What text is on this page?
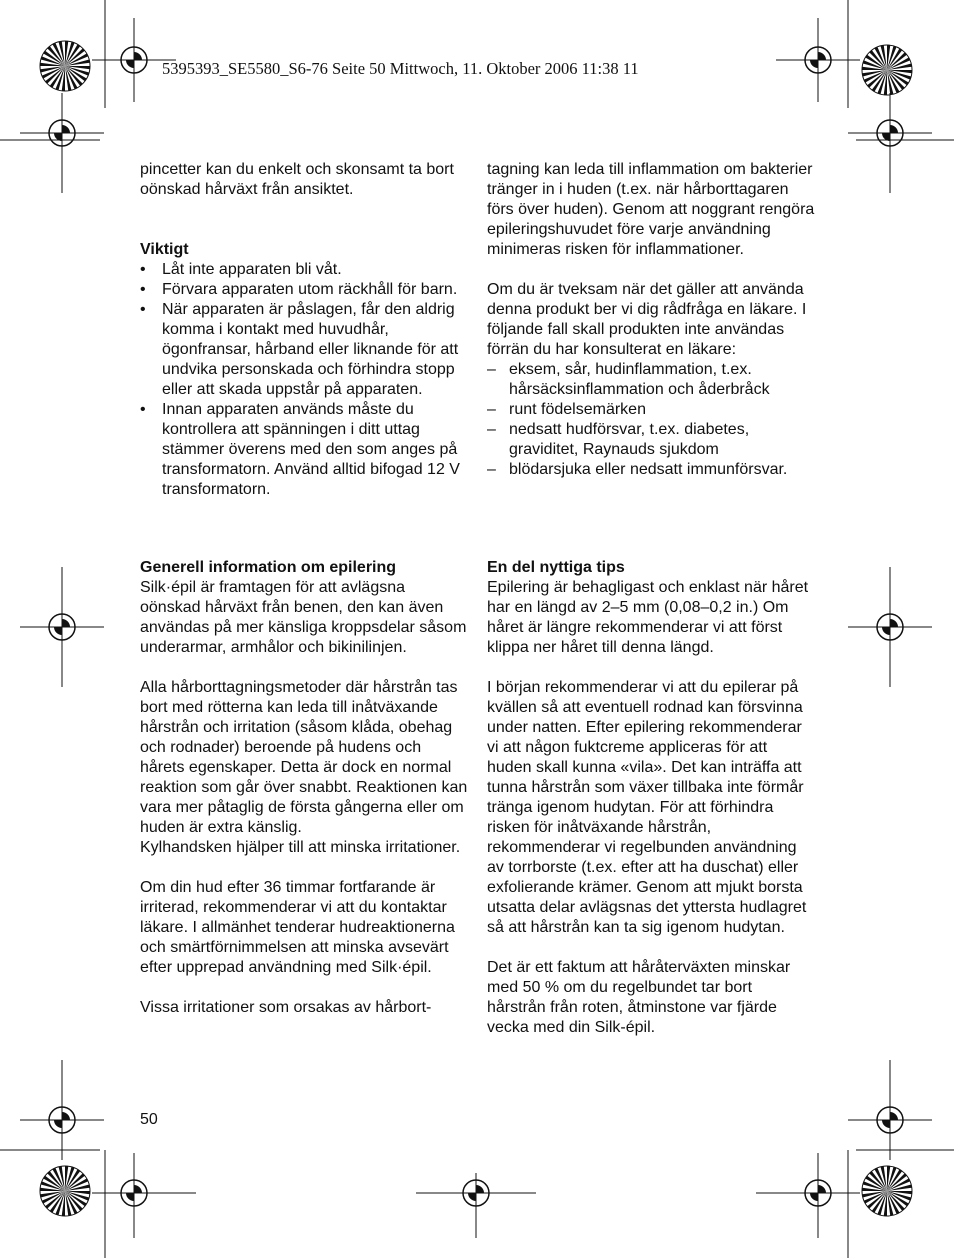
5395393_SE5580_S6-76 Seite 50 Mittwoch, 11. Oktober 2006 11:38 11

pincetter kan du enkelt och skonsamt ta bort oönskad hårväxt från ansiktet.

Viktigt

• Låt inte apparaten bli våt.
• Förvara apparaten utom räckhåll för barn.
• När apparaten är påslagen, får den aldrig komma i kontakt med huvudhår, ögonfransar, hårband eller liknande för att undvika personskada och förhindra stopp eller att skada uppstår på apparaten.
• Innan apparaten används måste du kontrollera att spänningen i ditt uttag stämmer överens med den som anges på transformatorn. Använd alltid bifogad 12 V transformatorn.

Generell information om epilering

Silk·épil är framtagen för att avlägsna oönskad hårväxt från benen, den kan även användas på mer känsliga kroppsdelar såsom underarmar, armhålor och bikinilinjen.

Alla hårborttagningsmetoder där hårstrån tas bort med rötterna kan leda till inåtväxande hårstrån och irritation (såsom klåda, obehag och rodnader) beroende på hudens och hårets egenskaper. Detta är dock en normal reaktion som går över snabbt. Reaktionen kan vara mer påtaglig de första gångerna eller om huden är extra känslig.

Kylhandsken hjälper till att minska irritationer.

Om din hud efter 36 timmar fortfarande är irriterad, rekommenderar vi att du kontaktar läkare. I allmänhet tenderar hudreaktionerna och smärtförnimmelsen att minska avsevärt efter upprepad användning med Silk·épil.

Vissa irritationer som orsakas av hårbort-

tagning kan leda till inflammation om bakterier tränger in i huden (t.ex. när hårborttagaren förs över huden). Genom att noggrant rengöra epileringshuvudet före varje användning minimeras risken för inflammationer.

Om du är tveksam när det gäller att använda denna produkt ber vi dig rådfråga en läkare. I följande fall skall produkten inte användas förrän du har konsulterat en läkare:

– eksem, sår, hudinflammation, t.ex. hårsäcksinflammation och åderbråck
– runt födelsemärken
– nedsatt hudförsvar, t.ex. diabetes, graviditet, Raynauds sjukdom
– blödarsjuka eller nedsatt immunförsvar.

En del nyttiga tips

Epilering är behagligast och enklast när håret har en längd av 2–5 mm (0,08–0,2 in.) Om håret är längre rekommenderar vi att först klippa ner håret till denna längd.

I början rekommenderar vi att du epilerar på kvällen så att eventuell rodnad kan försvinna under natten. Efter epilering rekommenderar vi att någon fuktcreme appliceras för att huden skall kunna «vila». Det kan inträffa att tunna hårstrån som växer tillbaka inte förmår tränga igenom hudytan. För att förhindra risken för inåtväxande hårstrån, rekommenderar vi regelbunden användning av torrborste (t.ex. efter att ha duschat) eller exfolierande krämer. Genom att mjukt borsta utsatta delar avlägsnas det yttersta hudlagret så att hårstrån kan ta sig igenom hudytan.

Det är ett faktum att håråterväxten minskar med 50 % om du regelbundet tar bort hårstrån från roten, åtminstone var fjärde vecka med din Silk-épil.

50
